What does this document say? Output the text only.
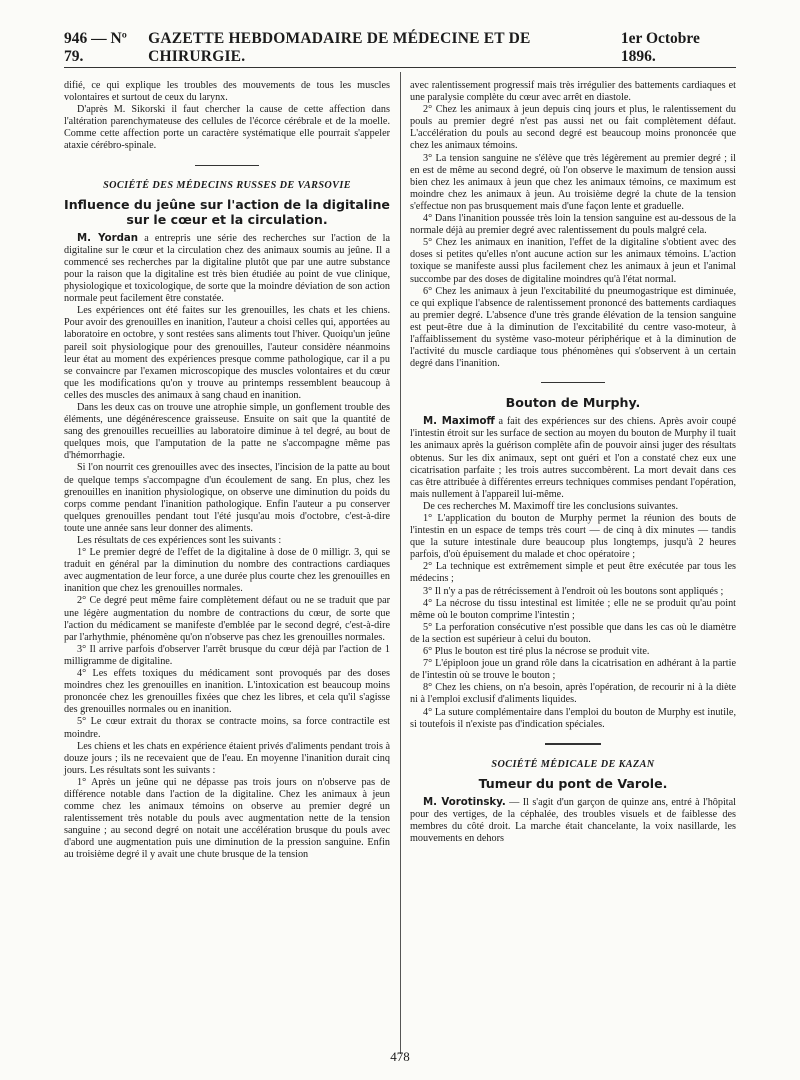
946 — Nº 79.
GAZETTE HEBDOMADAIRE DE MÉDECINE ET DE CHIRURGIE.
1er Octobre 1896.

difié, ce qui explique les troubles des mouvements de tous les muscles volontaires et surtout de ceux du larynx.

D'après M. Sikorski il faut chercher la cause de cette affection dans l'altération parenchymateuse des cellules de l'écorce cérébrale et de la moelle. Comme cette affection porte un caractère systématique elle pourrait s'appeler ataxie cérébro-spinale.

SOCIÉTÉ DES MÉDECINS RUSSES DE VARSOVIE

Influence du jeûne sur l'action de la digitaline sur le cœur et la circulation.

M. Yordan a entrepris une série des recherches sur l'action de la digitaline sur le cœur et la circulation chez des animaux soumis au jeûne. Il a commencé ses recherches par la digitaline plutôt que par une autre substance pour la raison que la digitaline est très bien étudiée au point de vue clinique, physiologique et toxicologique, de sorte que la moindre déviation de son action normale peut facilement être constatée.

Les expériences ont été faites sur les grenouilles, les chats et les chiens. Pour avoir des grenouilles en inanition, l'auteur a choisi celles qui, apportées au laboratoire en octobre, y sont restées sans aliments tout l'hiver. Quoiqu'un jeûne pareil soit physiologique pour des grenouilles, l'auteur considère néanmoins leur état au moment des expériences presque comme pathologique, car il a pu se convaincre par l'examen microscopique des muscles volontaires et du cœur que les modifications qu'on y trouve au printemps ressemblent beaucoup à celles des muscles des animaux à sang chaud en inanition.

Dans les deux cas on trouve une atrophie simple, un gonflement trouble des éléments, une dégénérescence graisseuse. Ensuite on sait que la quantité de sang des grenouilles recueillies au laboratoire diminue à tel degré, au bout de quelques mois, que l'amputation de la patte ne s'accompagne même pas d'hémorrhagie.

Si l'on nourrit ces grenouilles avec des insectes, l'incision de la patte au bout de quelque temps s'accompagne d'un écoulement de sang. En plus, chez les grenouilles en inanition physiologique, on observe une diminution du poids du corps comme pendant l'inanition pathologique. Enfin l'auteur a pu conserver quelques grenouilles pendant tout l'été jusqu'au mois d'octobre, c'est-à-dire toute une année sans leur donner des aliments.

Les résultats de ces expériences sont les suivants :

1° Le premier degré de l'effet de la digitaline à dose de 0 milligr. 3, qui se traduit en général par la diminution du nombre des contractions cardiaques avec augmentation de leur force, a une durée plus courte chez les grenouilles en inanition que chez les grenouilles normales.

2° Ce degré peut même faire complètement défaut ou ne se traduit que par une légère augmentation du nombre de contractions du cœur, de sorte que l'action du médicament se manifeste d'emblée par le second degré, c'est-à-dire par l'arhythmie, phénomène qu'on n'observe pas chez les grenouilles normales.

3° Il arrive parfois d'observer l'arrêt brusque du cœur déjà par l'action de 1 milligramme de digitaline.

4° Les effets toxiques du médicament sont provoqués par des doses moindres chez les grenouilles en inanition. L'intoxication est beaucoup moins prononcée chez les grenouilles fixées que chez les libres, et cela qu'il s'agisse des grenouilles normales ou en inanition.

5° Le cœur extrait du thorax se contracte moins, sa force contractile est moindre.

Les chiens et les chats en expérience étaient privés d'aliments pendant trois à douze jours ; ils ne recevaient que de l'eau. En moyenne l'inanition durait cinq jours. Les résultats sont les suivants :

1° Après un jeûne qui ne dépasse pas trois jours on n'observe pas de différence notable dans l'action de la digitaline. Chez les animaux à jeun comme chez les animaux témoins on observe au premier degré un ralentissement très notable du pouls avec augmentation nette de la tension sanguine ; au second degré on notait une accélération brusque du pouls avec d'abord une augmentation puis une diminution de la pression sanguine. Enfin au troisième degré il y avait une chute brusque de la tension

avec ralentissement progressif mais très irrégulier des battements cardiaques et une paralysie complète du cœur avec arrêt en diastole.

2° Chez les animaux à jeun depuis cinq jours et plus, le ralentissement du pouls au premier degré n'est pas aussi net ou fait complètement défaut. L'accélération du pouls au second degré est beaucoup moins prononcée que chez les animaux témoins.

3° La tension sanguine ne s'élève que très légèrement au premier degré ; il en est de même au second degré, où l'on observe le maximum de tension aussi bien chez les animaux à jeun que chez les animaux témoins, ce maximum est moindre chez les animaux à jeun. Au troisième degré la chute de la tension s'effectue non pas brusquement mais d'une façon lente et graduelle.

4° Dans l'inanition poussée très loin la tension sanguine est au-dessous de la normale déjà au premier degré avec ralentissement du pouls malgré cela.

5° Chez les animaux en inanition, l'effet de la digitaline s'obtient avec des doses si petites qu'elles n'ont aucune action sur les animaux témoins. L'action toxique se manifeste aussi plus facilement chez les animaux à jeun et l'animal succombe par des doses de digitaline moindres qu'à l'état normal.

6° Chez les animaux à jeun l'excitabilité du pneumogastrique est diminuée, ce qui explique l'absence de ralentissement prononcé des battements cardiaques au premier degré. L'absence d'une très grande élévation de la tension sanguine est peut-être due à la diminution de l'excitabilité du centre vaso-moteur, à l'affaiblissement du système vaso-moteur périphérique et à la diminution de l'activité du muscle cardiaque tous phénomènes qui s'observent à un certain degré dans l'inanition.

Bouton de Murphy.

M. Maximoff a fait des expériences sur des chiens. Après avoir coupé l'intestin étroit sur les surface de section au moyen du bouton de Murphy il tuait les animaux après la guérison complète afin de pouvoir ainsi juger des résultats obtenus. Sur les dix animaux, sept ont guéri et l'on a constaté chez eux une cicatrisation parfaite ; les trois autres succombèrent. La mort devait dans ces cas être attribuée à différentes erreurs techniques commises pendant l'opération, mais nullement à l'appareil lui-même.

De ces recherches M. Maximoff tire les conclusions suivantes.

1° L'application du bouton de Murphy permet la réunion des bouts de l'intestin en un espace de temps très court — de cinq à dix minutes — tandis que la suture intestinale dure beaucoup plus longtemps, jusqu'à 2 heures parfois, d'où épuisement du malade et choc opératoire ;

2° La technique est extrêmement simple et peut être exécutée par tous les médecins ;

3° Il n'y a pas de rétrécissement à l'endroit où les boutons sont appliqués ;

4° La nécrose du tissu intestinal est limitée ; elle ne se produit qu'au point même où le bouton comprime l'intestin ;

5° La perforation consécutive n'est possible que dans les cas où le diamètre de la section est supérieur à celui du bouton.

6° Plus le bouton est tiré plus la nécrose se produit vite.

7° L'épiploon joue un grand rôle dans la cicatrisation en adhérant à la partie de l'intestin où se trouve le bouton ;

8° Chez les chiens, on n'a besoin, après l'opération, de recourir ni à la diète ni à l'emploi exclusif d'aliments liquides.

4° La suture complémentaire dans l'emploi du bouton de Murphy est inutile, si toutefois il n'existe pas d'indication spéciales.

SOCIÉTÉ MÉDICALE DE KAZAN

Tumeur du pont de Varole.

M. Vorotinsky. — Il s'agit d'un garçon de quinze ans, entré à l'hôpital pour des vertiges, de la céphalée, des troubles visuels et de faiblesse des membres du côté droit. La marche était chancelante, la voix nasillarde, les mouvements en dehors

478
